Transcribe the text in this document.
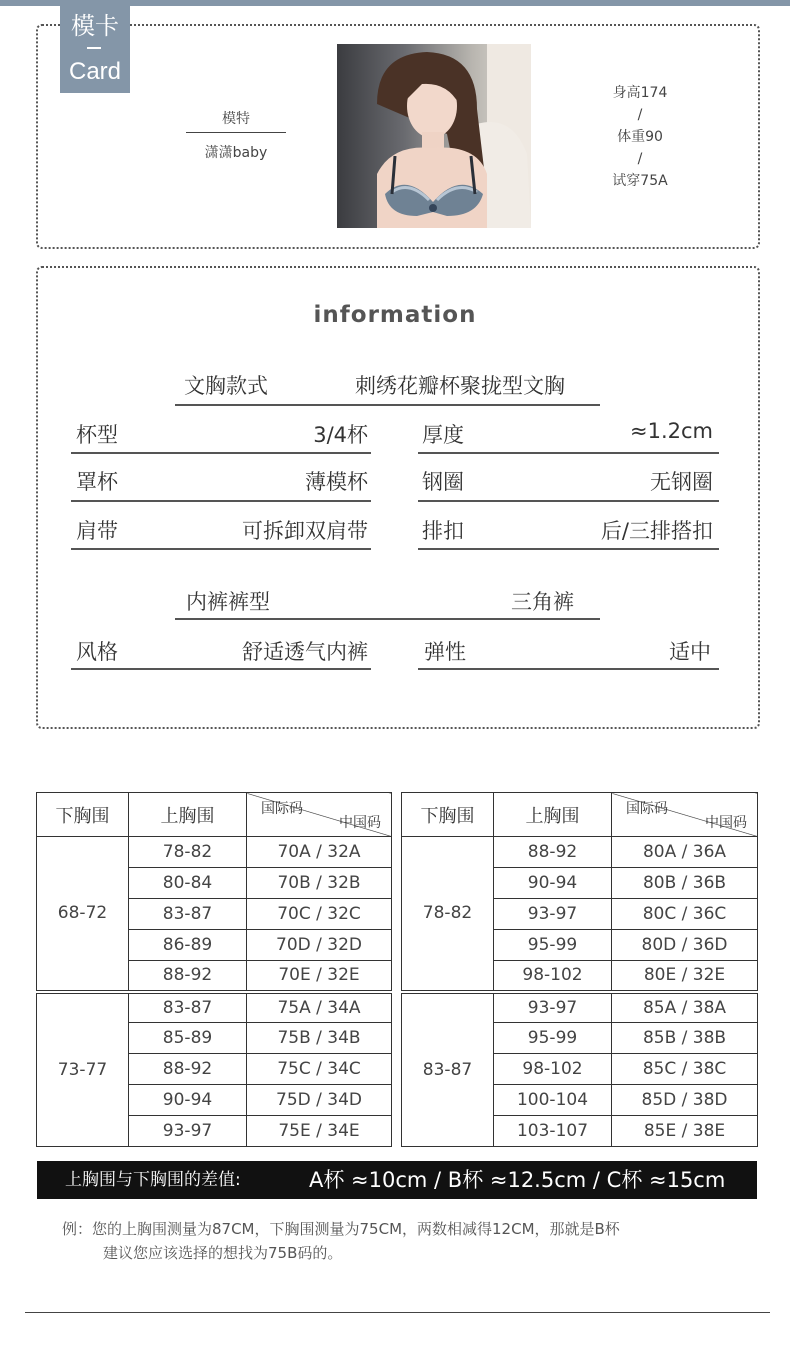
模卡
Card
模特
潇潇baby
身高174
/
体重90
/
试穿75A
information
文胸款式	刺绣花瓣杯聚拢型文胸
杯型	3/4杯	厚度	≈1.2cm
罩杯	薄模杯	钢圈	无钢圈
肩带	可拆卸双肩带	排扣	后/三排搭扣
内裤裤型	三角裤
风格	舒适透气内裤	弹性	适中
下胸围	上胸围	国际码
中国码

68-72	78-82	70A / 32A
	80-84	70B / 32B
	83-87	70C / 32C
	86-89	70D / 32D
	88-92	70E / 32E
73-77	83-87	75A / 34A
	85-89	75B / 34B
	88-92	75C / 34C
	90-94	75D / 34D
	93-97	75E / 34E
下胸围	上胸围	国际码
中国码

78-82	88-92	80A / 36A
	90-94	80B / 36B
	93-97	80C / 36C
	95-99	80D / 36D
	98-102	80E / 32E
83-87	93-97	85A / 38A
	95-99	85B / 38B
	98-102	85C / 38C
	100-104	85D / 38D
	103-107	85E / 38E
上胸围与下胸围的差值:	A杯 ≈10cm / B杯 ≈12.5cm / C杯 ≈15cm
例：您的上胸围测量为87CM，下胸围测量为75CM，两数相减得12CM，那就是B杯
建议您应该选择的想找为75B码的。
